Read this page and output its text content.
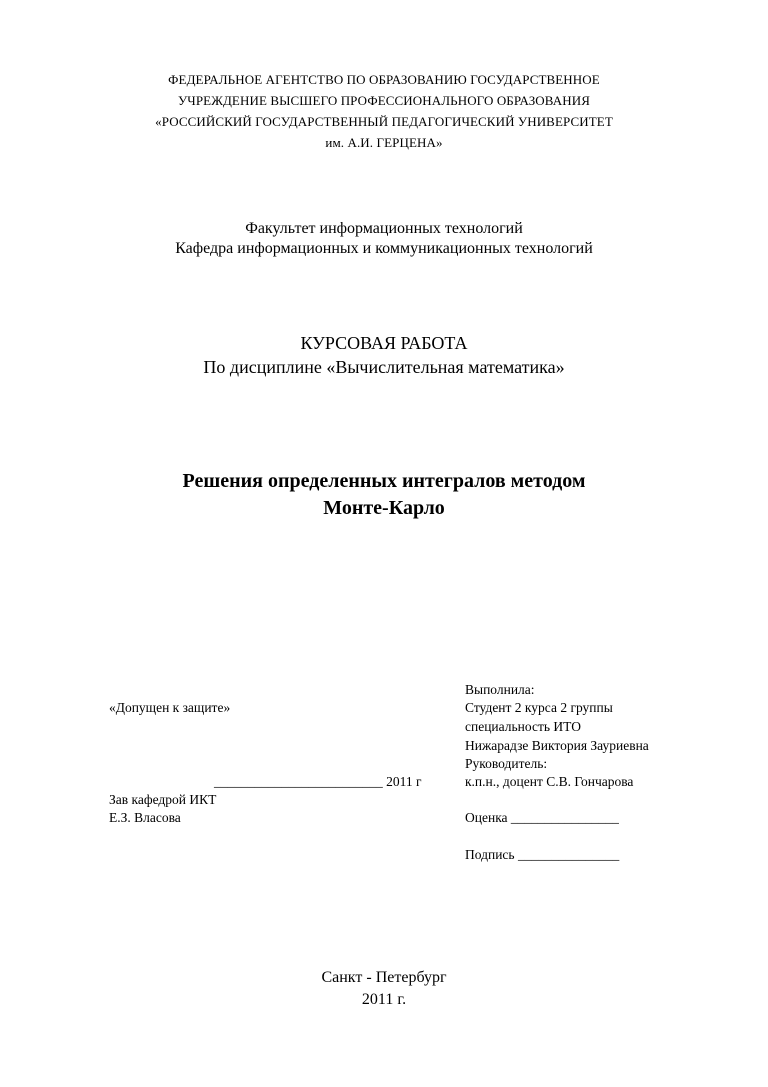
ФЕДЕРАЛЬНОЕ АГЕНТСТВО ПО ОБРАЗОВАНИЮ ГОСУДАРСТВЕННОЕ
УЧРЕЖДЕНИЕ ВЫСШЕГО ПРОФЕССИОНАЛЬНОГО ОБРАЗОВАНИЯ
«РОССИЙСКИЙ ГОСУДАРСТВЕННЫЙ ПЕДАГОГИЧЕСКИЙ УНИВЕРСИТЕТ
им. А.И. ГЕРЦЕНА»
Факультет информационных технологий
Кафедра информационных и коммуникационных технологий
КУРСОВАЯ РАБОТА
По дисциплине «Вычислительная математика»
Решения определенных интегралов методом
Монте-Карло
«Допущен к защите»
_________________________ 2011 г
Зав кафедрой ИКТ
Е.З. Власова
Выполнила:
Студент 2 курса 2 группы
специальность ИТО
Нижарадзе Виктория Зауриевна
Руководитель:
к.п.н., доцент С.В. Гончарова
Оценка ________________
Подпись _______________
Санкт - Петербург
2011 г.
